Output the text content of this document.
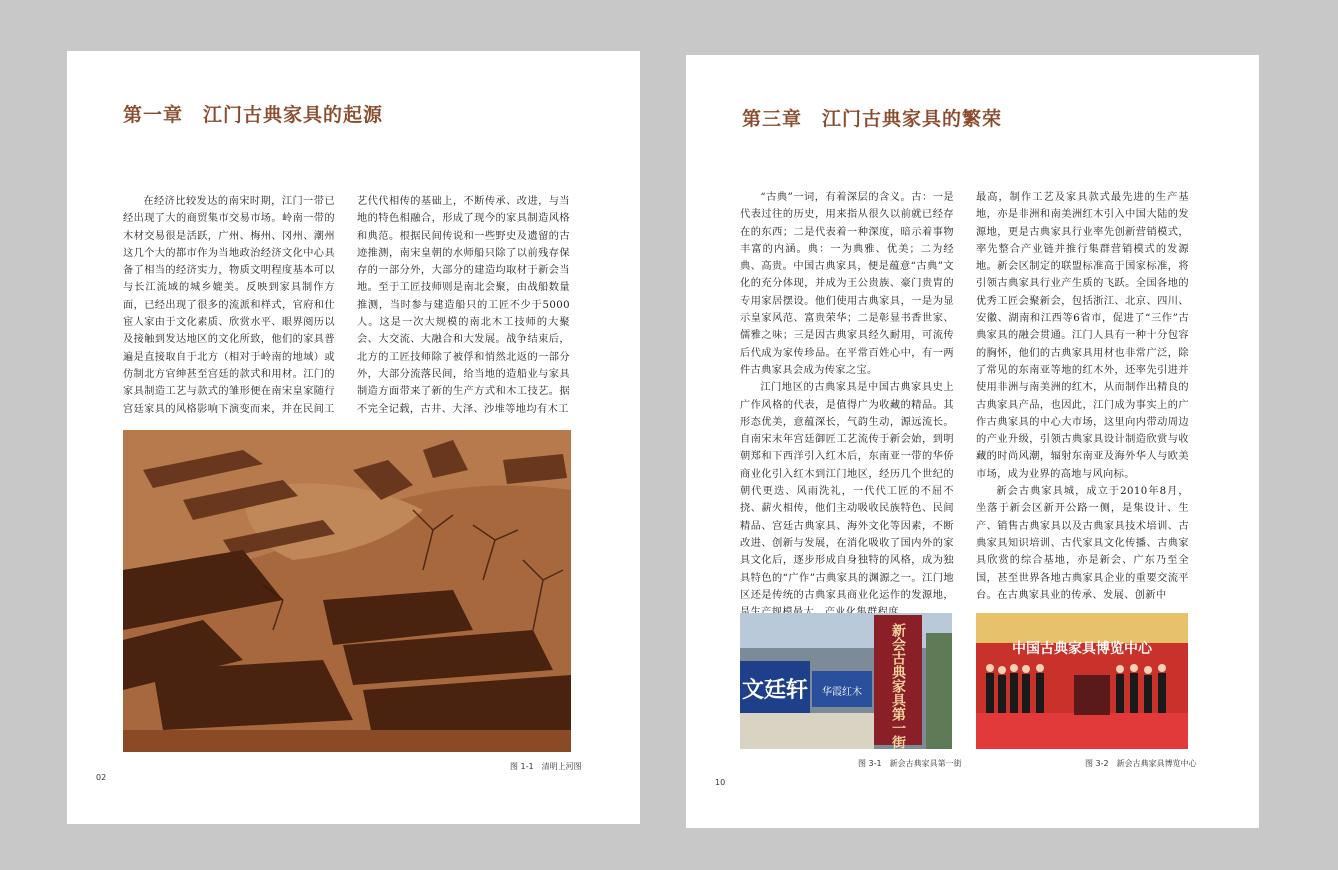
第一章　江门古典家具的起源

在经济比较发达的南宋时期，江门一带已经出现了大的商贸集市交易市场。岭南一带的木材交易很是活跃，广州、梅州、冈州、潮州这几个大的都市作为当地政治经济文化中心具备了相当的经济实力，物质文明程度基本可以与长江流域的城乡媲美。反映到家具制作方面，已经出现了很多的流派和样式，官府和仕宦人家由于文化素质、欣赏水平、眼界阅历以及接触到发达地区的文化所致，他们的家具普遍是直接取自于北方（相对于岭南的地域）或仿制北方官绅甚至宫廷的款式和用材。江门的家具制造工艺与款式的雏形便在南宋皇家随行宫廷家具的风格影响下演变而来，并在民间工

艺代代相传的基础上，不断传承、改进，与当地的特色相融合，形成了现今的家具制造风格和典范。根据民间传说和一些野史及遗留的古迹推测，南宋皇朝的水师船只除了以前残存保存的一部分外，大部分的建造均取材于新会当地。至于工匠技师则是南北会聚，由战船数量推测，当时参与建造船只的工匠不少于5000人。这是一次大规模的南北木工技师的大聚会、大交流、大融合和大发展。战争结束后，北方的工匠技师除了被俘和悄然北返的一部分外，大部分流落民间，给当地的造船业与家具制造方面带来了新的生产方式和木工技艺。据不完全记载，古井、大泽、沙堆等地均有木工

图 1-1　清明上河图

02

第三章　江门古典家具的繁荣

“古典”一词，有着深层的含义。古：一是代表过往的历史，用来指从很久以前就已经存在的东西；二是代表着一种深度，暗示着事物丰富的内涵。典：一为典雅、优美；二为经典、高贵。中国古典家具，便是蕴意“古典”文化的充分体现，并成为王公贵族、豪门贵胄的专用家居摆设。他们使用古典家具，一是为显示皇家风范、富贵荣华；二是彰显书香世家、儒雅之味；三是因古典家具经久耐用，可流传后代成为家传珍品。在平常百姓心中，有一两件古典家具会成为传家之宝。

江门地区的古典家具是中国古典家具史上广作风格的代表，是值得广为收藏的精品。其形态优美，意蕴深长，气韵生动，源远流长。自南宋末年宫廷御匠工艺流传于新会始，到明朝郑和下西洋引入红木后，东南亚一带的华侨商业化引入红木到江门地区，经历几个世纪的朝代更迭、风雨洗礼，一代代工匠的不屈不挠、薪火相传，他们主动吸收民族特色、民间精品、宫廷古典家具、海外文化等因素，不断改进、创新与发展，在消化吸收了国内外的家具文化后，逐步形成自身独特的风格，成为独具特色的“广作”古典家具的渊源之一。江门地区还是传统的古典家具商业化运作的发源地，

最高，制作工艺及家具款式最先进的生产基地，亦是非洲和南美洲红木引入中国大陆的发源地，更是古典家具行业率先创新营销模式，率先整合产业链并推行集群营销模式的发源地。新会区制定的联盟标准高于国家标准，将引领古典家具行业产生质的飞跃。全国各地的优秀工匠会聚新会，包括浙江、北京、四川、安徽、湖南和江西等6省市，促进了“三作”古典家具的融会贯通。江门人具有一种十分包容的胸怀，他们的古典家具用材也非常广泛，除了常见的东南亚等地的红木外，还率先引进并使用非洲与南美洲的红木，从而制作出精良的古典家具产品，也因此，江门成为事实上的广作古典家具的中心大市场，这里向内带动周边的产业升级，引领古典家具设计制造欣赏与收藏的时尚风潮，辐射东南亚及海外华人与欧美市场，成为业界的高地与风向标。

新会古典家具城，成立于2010年8月，坐落于新会区新开公路一侧，是集设计、生产、销售古典家具以及古典家具技术培训、古典家具知识培训、古代家具文化传播、古典家具欣赏的综合基地，亦是新会、广东乃至全国，甚至世界各地古典家具企业的重要交流平台。在古典家具业的传承、发展、创新中

文廷轩 华霞红木 新会古典家具第一街	中国古典家具博览中心

图 3-1　新会古典家具第一街	图 3-2　新会古典家具博览中心

10
